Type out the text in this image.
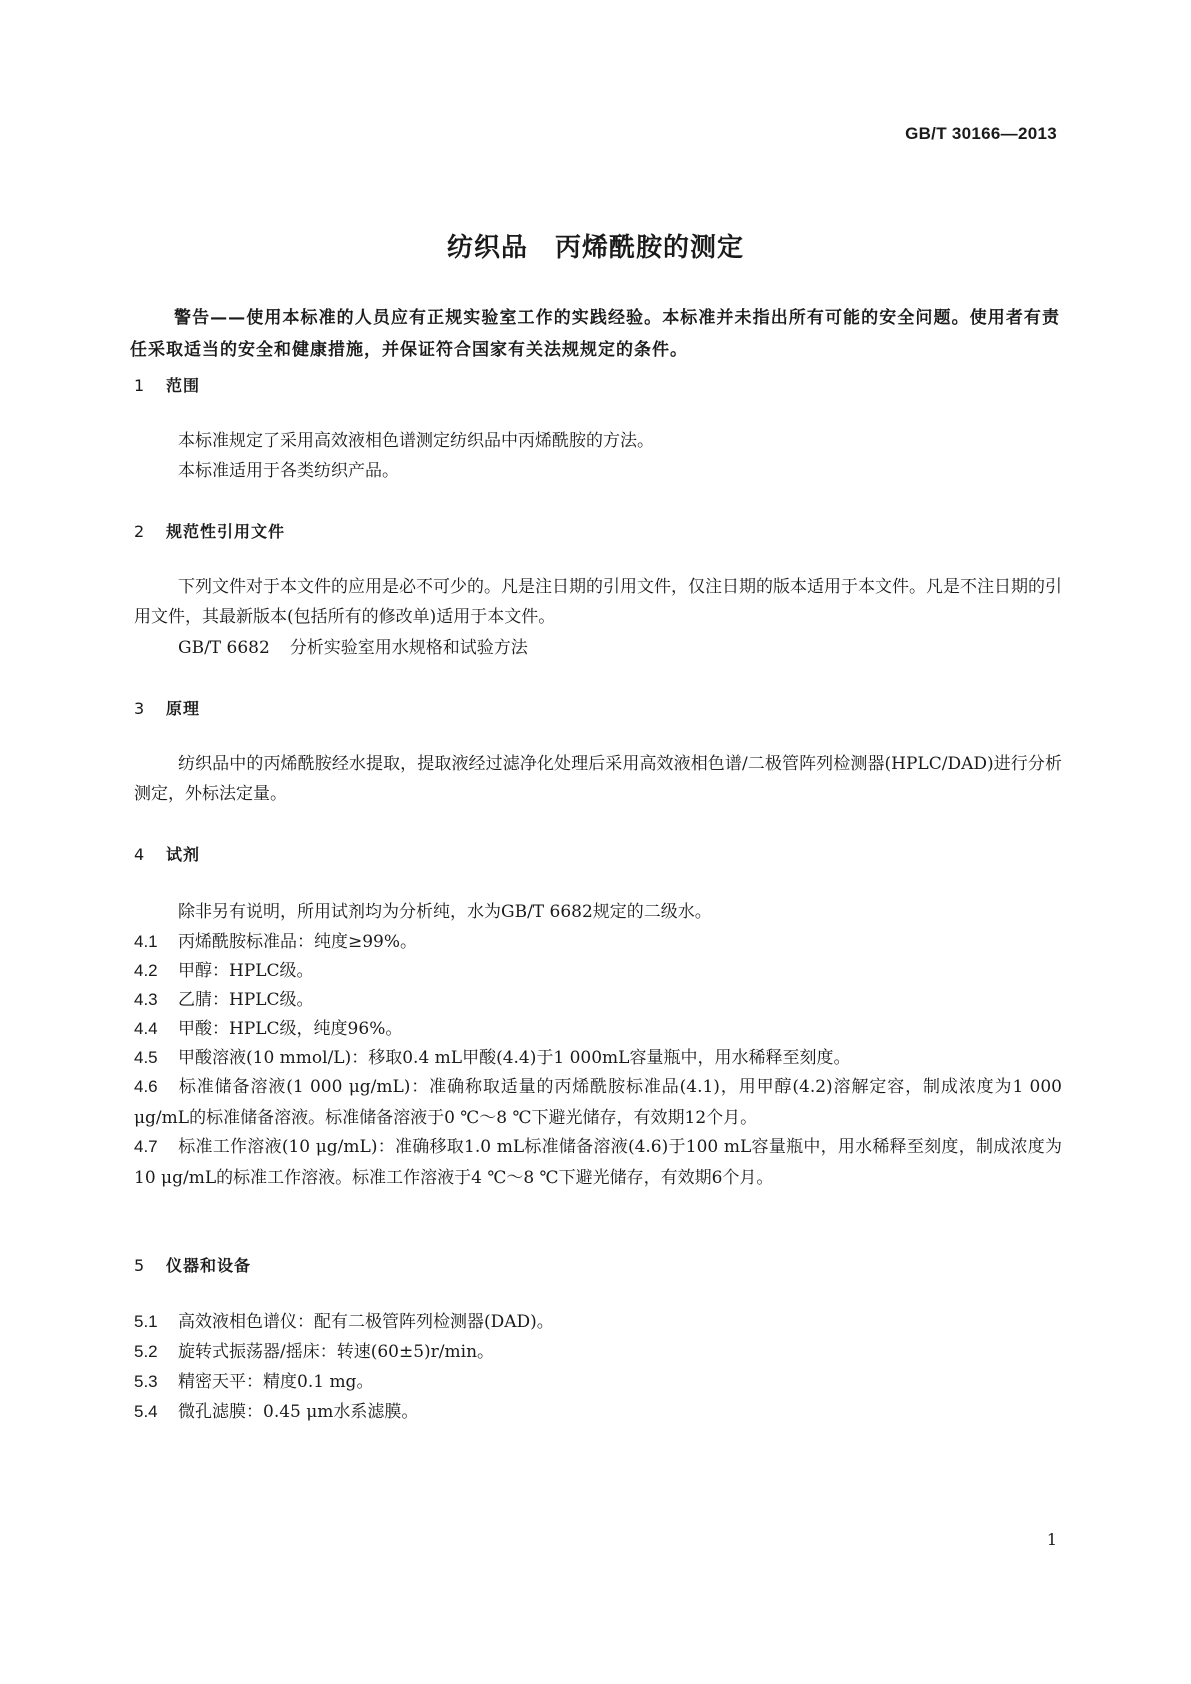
GB/T 30166—2013
纺织品　丙烯酰胺的测定
警告——使用本标准的人员应有正规实验室工作的实践经验。本标准并未指出所有可能的安全问题。使用者有责任采取适当的安全和健康措施，并保证符合国家有关法规规定的条件。
1 范围
本标准规定了采用高效液相色谱测定纺织品中丙烯酰胺的方法。
本标准适用于各类纺织产品。
2 规范性引用文件
下列文件对于本文件的应用是必不可少的。凡是注日期的引用文件，仅注日期的版本适用于本文件。凡是不注日期的引用文件，其最新版本(包括所有的修改单)适用于本文件。
GB/T 6682 分析实验室用水规格和试验方法
3 原理
纺织品中的丙烯酰胺经水提取，提取液经过滤净化处理后采用高效液相色谱/二极管阵列检测器(HPLC/DAD)进行分析测定，外标法定量。
4 试剂
除非另有说明，所用试剂均为分析纯，水为GB/T 6682规定的二级水。
4.1 丙烯酰胺标准品：纯度≥99%。
4.2 甲醇：HPLC级。
4.3 乙腈：HPLC级。
4.4 甲酸：HPLC级，纯度96%。
4.5 甲酸溶液(10 mmol/L)：移取0.4 mL甲酸(4.4)于1 000mL容量瓶中，用水稀释至刻度。
4.6 标准储备溶液(1 000 μg/mL)：准确称取适量的丙烯酰胺标准品(4.1)，用甲醇(4.2)溶解定容，制成浓度为1 000 μg/mL的标准储备溶液。标准储备溶液于0 ℃～8 ℃下避光储存，有效期12个月。
4.7 标准工作溶液(10 μg/mL)：准确移取1.0 mL标准储备溶液(4.6)于100 mL容量瓶中，用水稀释至刻度，制成浓度为10 μg/mL的标准工作溶液。标准工作溶液于4 ℃～8 ℃下避光储存，有效期6个月。
5 仪器和设备
5.1 高效液相色谱仪：配有二极管阵列检测器(DAD)。
5.2 旋转式振荡器/摇床：转速(60±5)r/min。
5.3 精密天平：精度0.1 mg。
5.4 微孔滤膜：0.45 μm水系滤膜。
1
